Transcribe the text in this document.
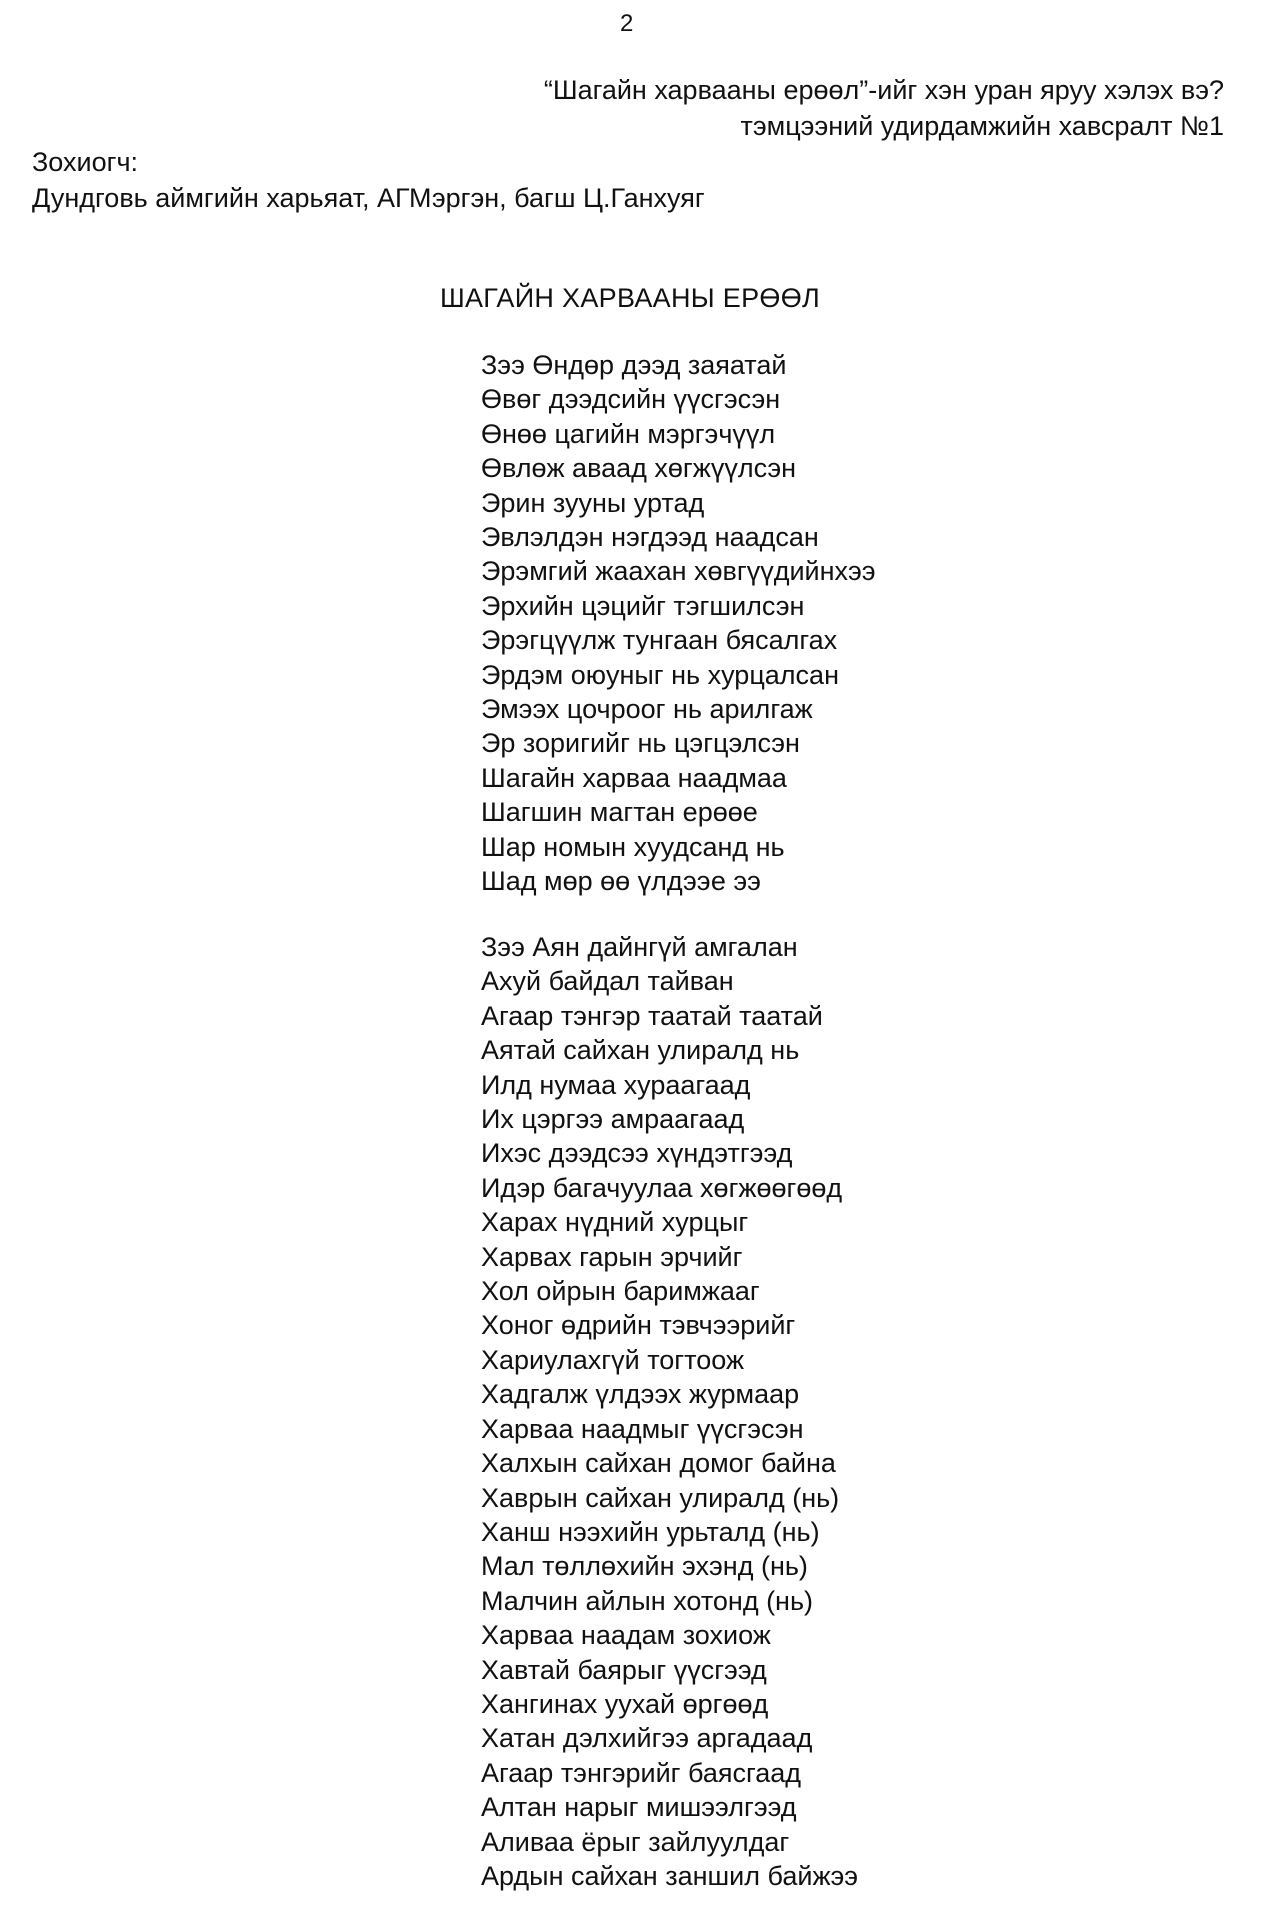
2
“Шагайн харвааны ерөөл”-ийг хэн уран яруу хэлэх вэ?
тэмцээний удирдамжийн хавсралт №1
Зохиогч:
Дундговь аймгийн харьяат, АГМэргэн, багш Ц.Ганхуяг
ШАГАЙН ХАРВААНЫ ЕРӨӨЛ
Зээ Өндөр дээд заяатай
Өвөг дээдсийн үүсгэсэн
Өнөө цагийн мэргэчүүл
Өвлөж аваад хөгжүүлсэн
Эрин зууны уртад
Эвлэлдэн нэгдээд наадсан
Эрэмгий жаахан хөвгүүдийнхээ
Эрхийн цэцийг тэгшилсэн
Эрэгцүүлж тунгаан бясалгах
Эрдэм оюуныг нь хурцалсан
Эмээх цочроог нь арилгаж
Эр зоригийг нь цэгцэлсэн
Шагайн харвaa наадмаа
Шагшин магтан ерөөе
Шар номын хуудсанд нь
Шад мөр өө үлдээе ээ
Зээ Аян дайнгүй амгалан
Ахуй байдал тайван
Агаар тэнгэр таатай таатай
Аятай сайхан улиралд нь
Илд нумаа хураагаад
Их цэргээ амраагаад
Ихэс дээдсээ хүндэтгээд
Идэр багачуулаа хөгжөөгөөд
Харах нүдний хурцыг
Харвах гарын эрчийг
Хол ойрын баримжааг
Хоног өдрийн тэвчээрийг
Хариулахгүй тогтоож
Хадгалж үлдээх журмаар
Харвaa наадмыг үүсгэсэн
Халхын сайхан домог байна
Хаврын сайхан улиралд (нь)
Ханш нээхийн урьталд (нь)
Мал төллөхийн эхэнд (нь)
Малчин айлын хотонд (нь)
Харвaa наадам зохиож
Хавтай баярыг үүсгээд
Хангинах уухай өргөөд
Хатан дэлхийгээ аргадаад
Агаар тэнгэрийг баясгаад
Алтан нарыг мишээлгээд
Аливаа ёрыг зайлуулдаг
Ардын сайхан заншил байжээ
